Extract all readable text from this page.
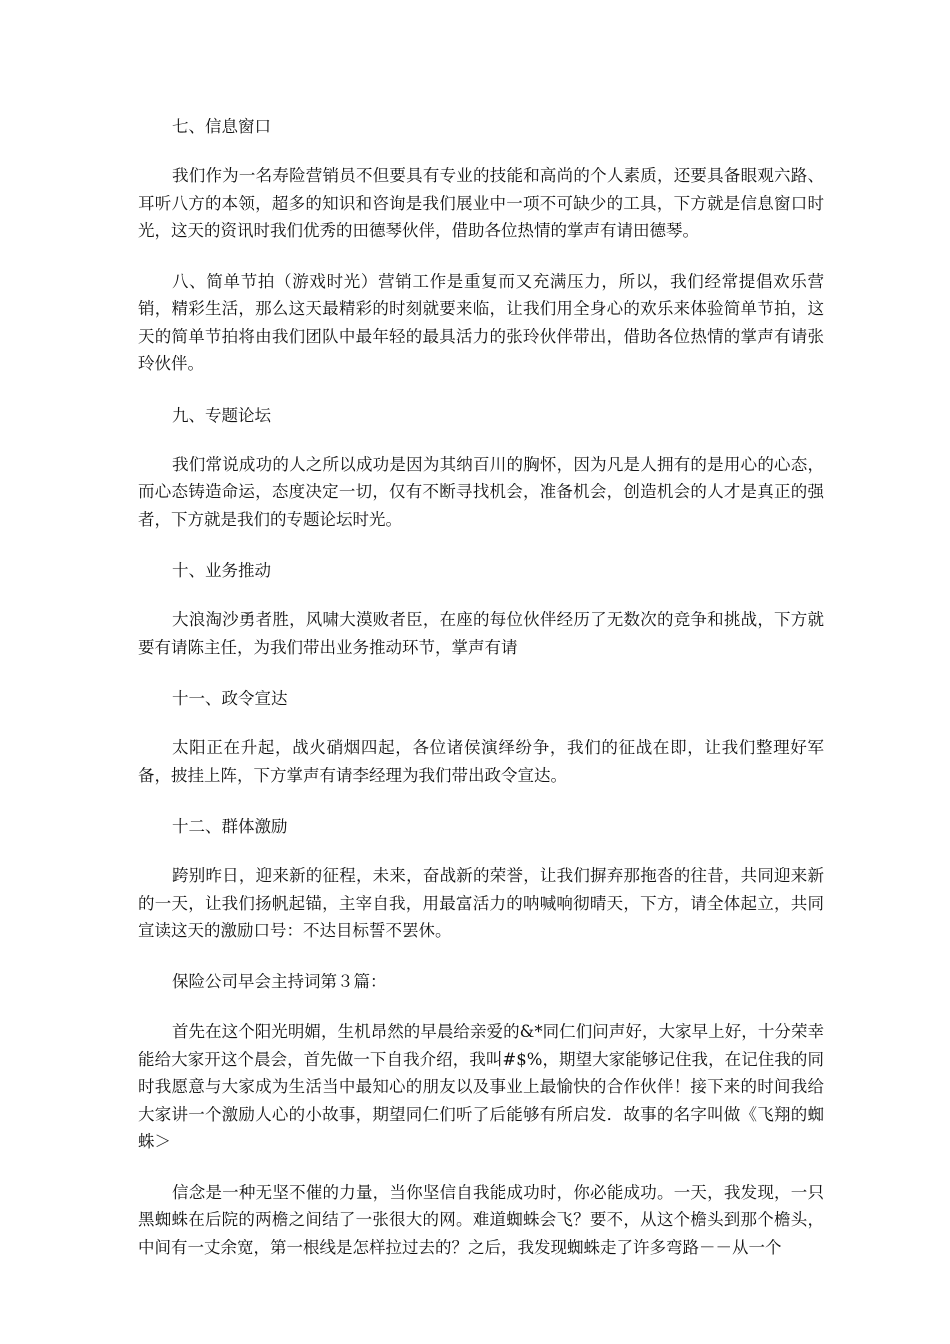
七、信息窗口
我们作为一名寿险营销员不但要具有专业的技能和高尚的个人素质，还要具备眼观六路、耳听八方的本领，超多的知识和咨询是我们展业中一项不可缺少的工具，下方就是信息窗口时光，这天的资讯时我们优秀的田德琴伙伴，借助各位热情的掌声有请田德琴。
八、简单节拍（游戏时光）营销工作是重复而又充满压力，所以，我们经常提倡欢乐营销，精彩生活，那么这天最精彩的时刻就要来临，让我们用全身心的欢乐来体验简单节拍，这天的简单节拍将由我们团队中最年轻的最具活力的张玲伙伴带出，借助各位热情的掌声有请张玲伙伴。
九、专题论坛
我们常说成功的人之所以成功是因为其纳百川的胸怀，因为凡是人拥有的是用心的心态，而心态铸造命运，态度决定一切，仅有不断寻找机会，准备机会，创造机会的人才是真正的强者，下方就是我们的专题论坛时光。
十、业务推动
大浪淘沙勇者胜，风啸大漠败者臣，在座的每位伙伴经历了无数次的竞争和挑战，下方就要有请陈主任，为我们带出业务推动环节，掌声有请
十一、政令宣达
太阳正在升起，战火硝烟四起，各位诸侯演绎纷争，我们的征战在即，让我们整理好军备，披挂上阵，下方掌声有请李经理为我们带出政令宣达。
十二、群体激励
跨别昨日，迎来新的征程，未来，奋战新的荣誉，让我们摒弃那拖沓的往昔，共同迎来新的一天，让我们扬帆起锚，主宰自我，用最富活力的呐喊响彻晴天，下方，请全体起立，共同宣读这天的激励口号：不达目标誓不罢休。
保险公司早会主持词第３篇：
首先在这个阳光明媚，生机昂然的早晨给亲爱的&*同仁们问声好，大家早上好，十分荣幸能给大家开这个晨会，首先做一下自我介绍，我叫#$%，期望大家能够记住我，在记住我的同时我愿意与大家成为生活当中最知心的朋友以及事业上最愉快的合作伙伴！接下来的时间我给大家讲一个激励人心的小故事，期望同仁们听了后能够有所启发．故事的名字叫做《飞翔的蜘蛛＞
信念是一种无坚不催的力量，当你坚信自我能成功时，你必能成功。一天，我发现，一只黑蜘蛛在后院的两檐之间结了一张很大的网。难道蜘蛛会飞？要不，从这个檐头到那个檐头，中间有一丈余宽，第一根线是怎样拉过去的？之后，我发现蜘蛛走了许多弯路－－从一个
